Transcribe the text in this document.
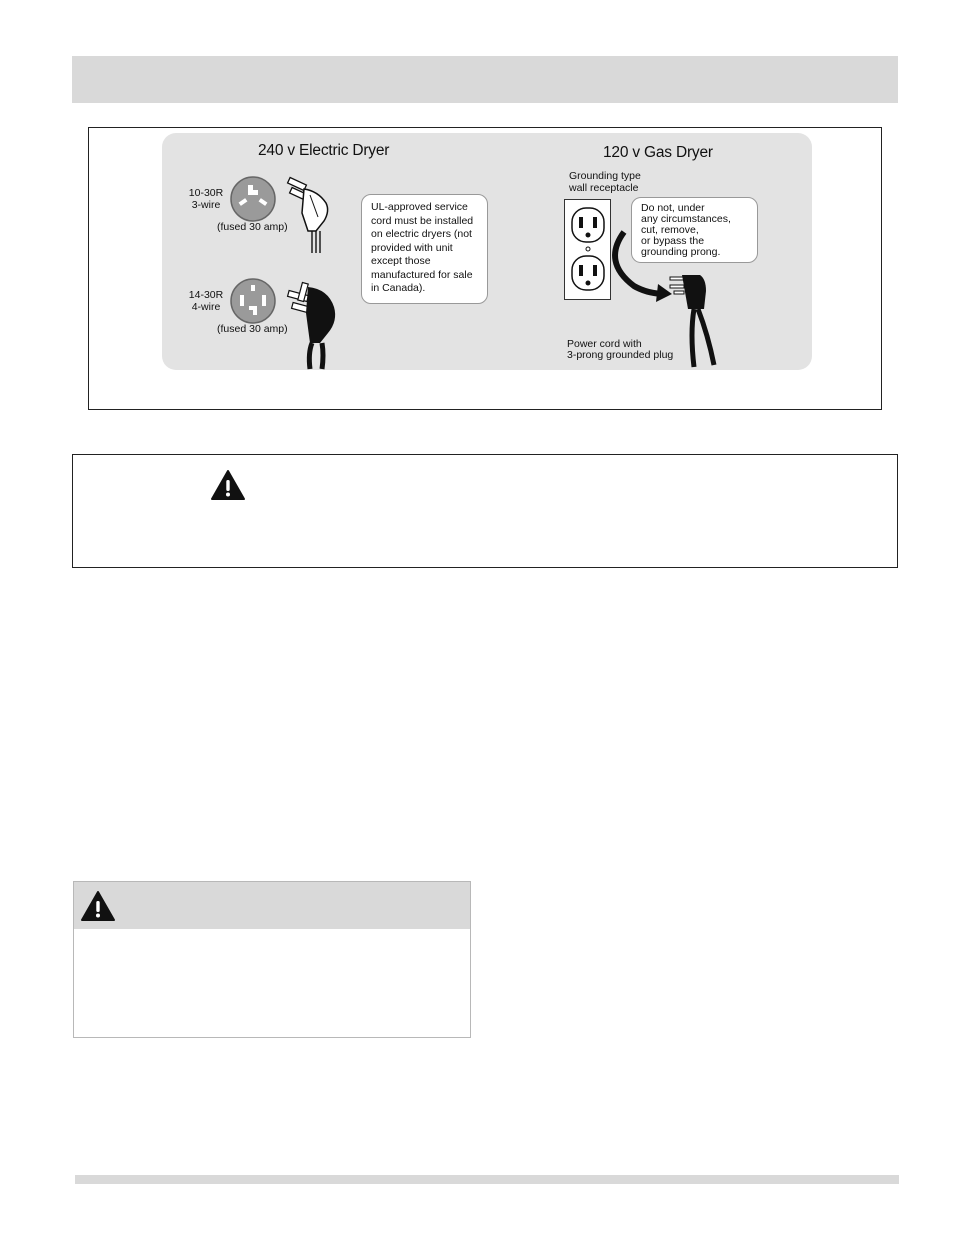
240 v Electric Dryer
10-30R
3-wire
(fused 30 amp)
14-30R
4-wire
(fused 30 amp)
UL-approved service
cord must be installed
on electric dryers (not
provided with unit
except those
manufactured for sale
in Canada).
120 v Gas Dryer
Grounding type
wall receptacle
Do not, under
any circumstances,
cut, remove,
or bypass the
grounding prong.
Power cord with
3-prong grounded plug
